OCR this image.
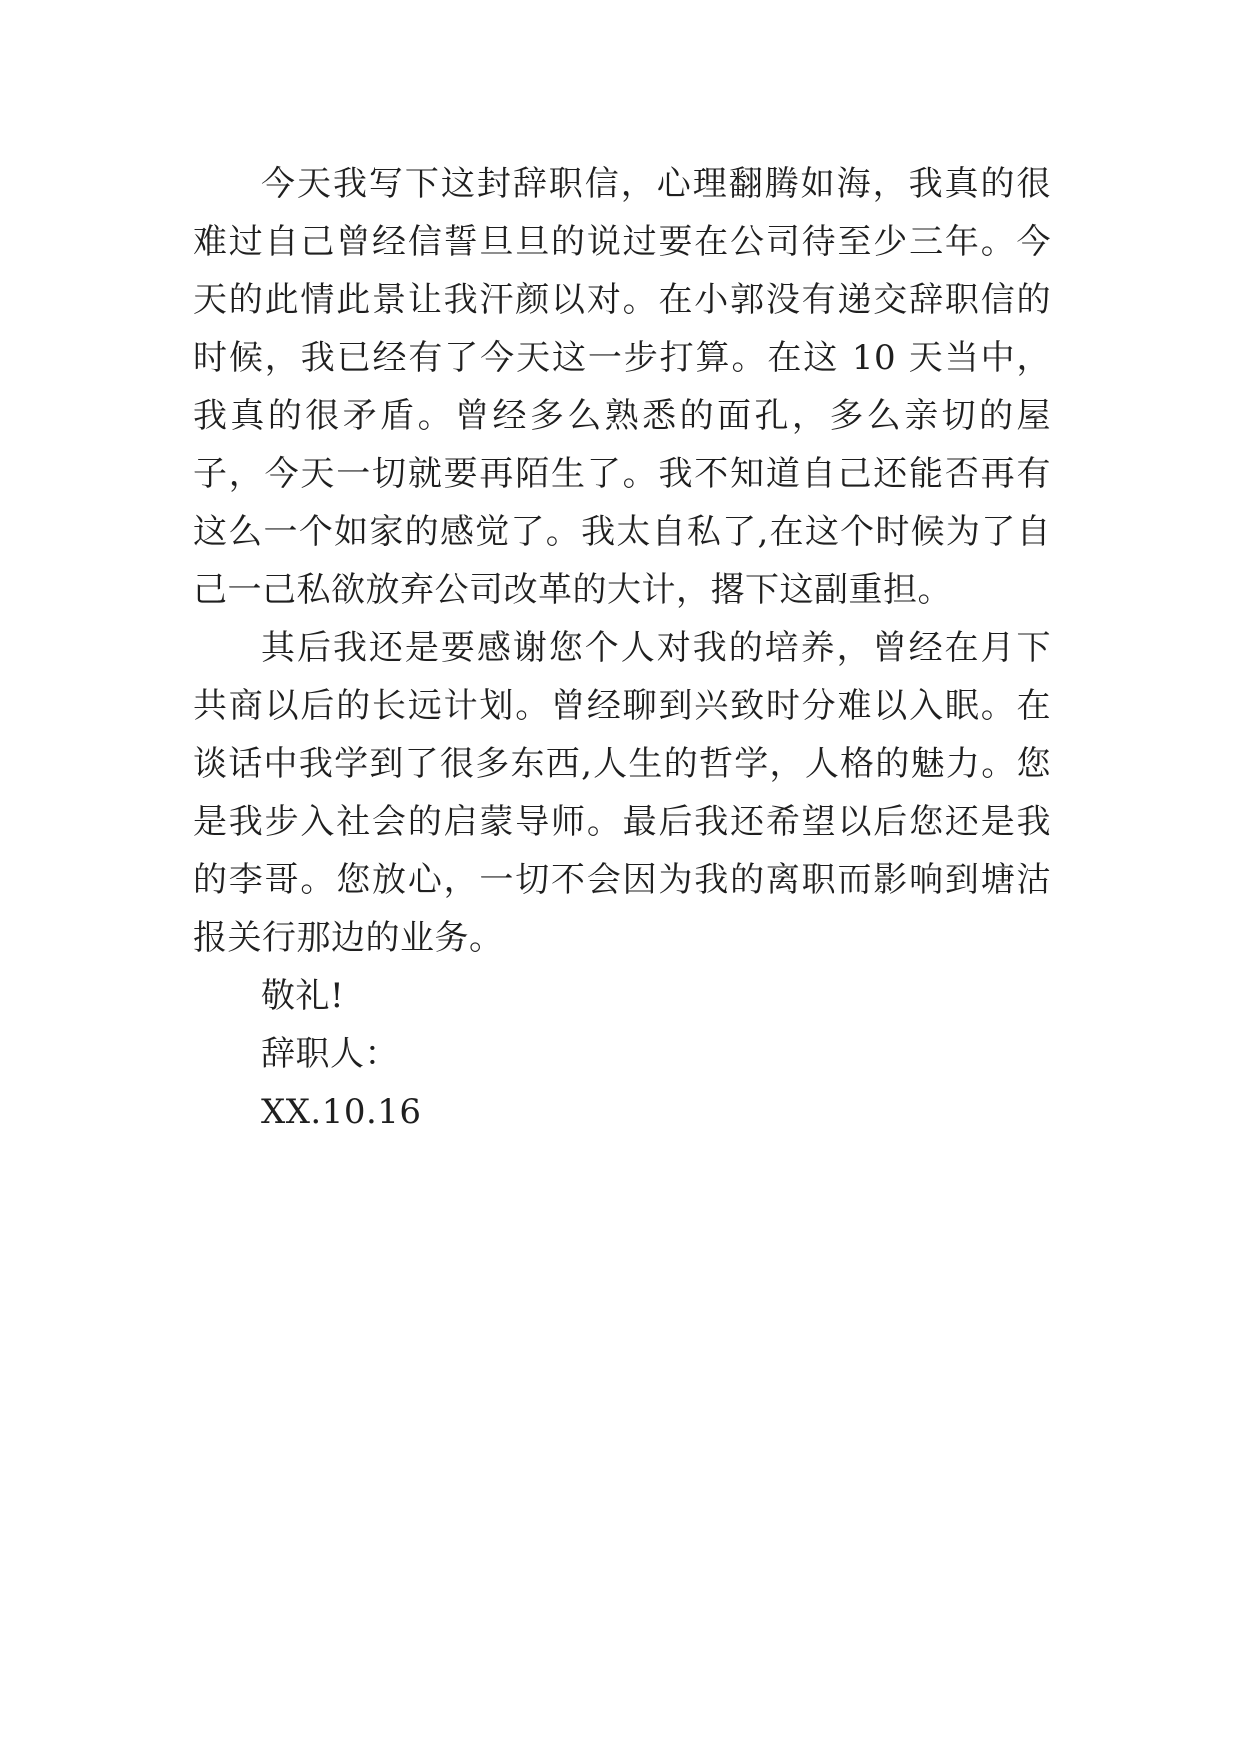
今天我写下这封辞职信，心理翻腾如海，我真的很难过自己曾经信誓旦旦的说过要在公司待至少三年。今天的此情此景让我汗颜以对。在小郭没有递交辞职信的时候，我已经有了今天这一步打算。在这 10 天当中，我真的很矛盾。曾经多么熟悉的面孔，多么亲切的屋子，今天一切就要再陌生了。我不知道自己还能否再有这么一个如家的感觉了。我太自私了,在这个时候为了自己一己私欲放弃公司改革的大计，撂下这副重担。

其后我还是要感谢您个人对我的培养，曾经在月下共商以后的长远计划。曾经聊到兴致时分难以入眠。在谈话中我学到了很多东西,人生的哲学，人格的魅力。您是我步入社会的启蒙导师。最后我还希望以后您还是我的李哥。您放心，一切不会因为我的离职而影响到塘沽报关行那边的业务。

敬礼!

辞职人：

XX.10.16
